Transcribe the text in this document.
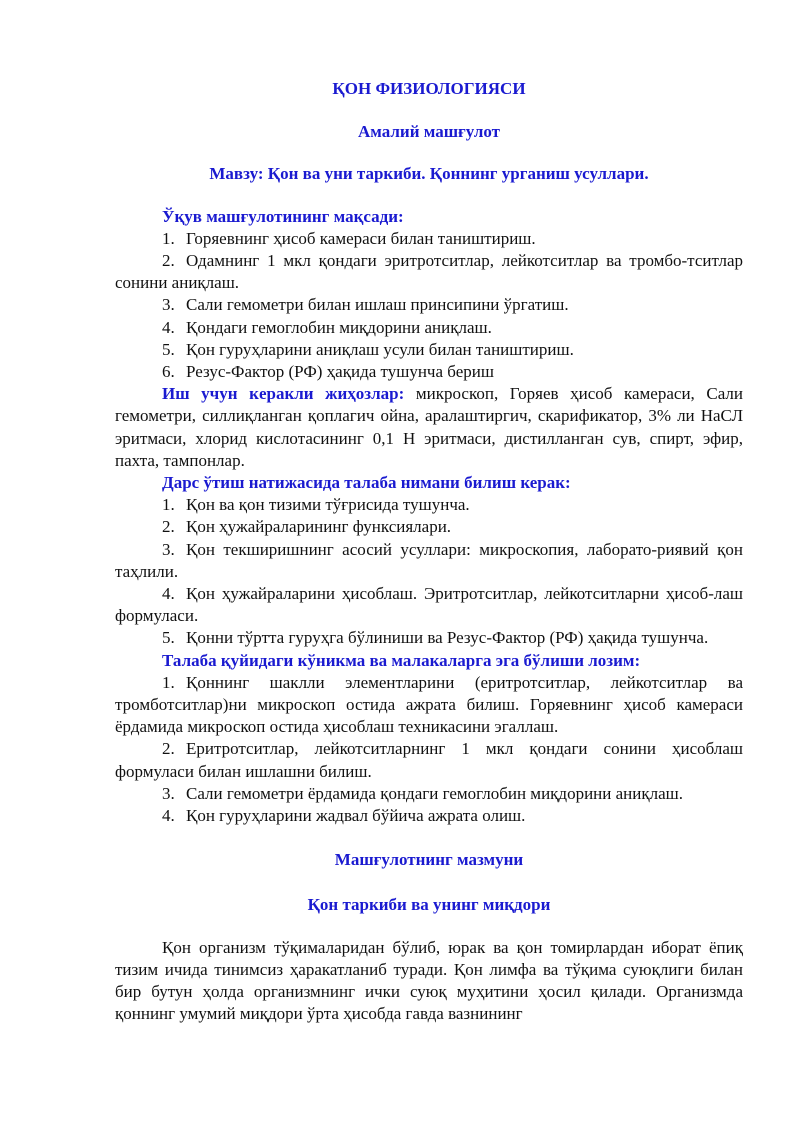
ҚОН ФИЗИОЛОГИЯСИ

Амалий машғулот

Мавзу: Қон ва уни таркиби. Қоннинг урганиш усуллари.

Ўқув машғулотининг мақсади:

1. Горяевнинг ҳисоб камераси билан таништириш.

2. Одамнинг 1 мкл қондаги эритротситлар, лейкотситлар ва тромбо-тситлар сонини аниқлаш.

3. Сали гемометри билан ишлаш принсипини ўргатиш.

4. Қондаги гемоглобин миқдорини аниқлаш.

5. Қон гуруҳларини аниқлаш усули билан таништириш.

6. Резус-Фактор (РФ) ҳақида тушунча бериш

Иш учун кeракли жиҳозлар: микроскоп, Горяев ҳисоб камераси, Сали гемометри, силлиқланган қоплагич ойна, аралаштиргич, скарификатор, 3% ли НаСЛ эритмаси, хлорид кислотасининг 0,1 Н эритмаси, дистилланган сув, спирт, эфир, пахта, тампонлар.

Дарс ўтиш натижасида талаба нимани билиш керак:

1. Қон ва қон тизими тўғрисида тушунча.

2. Қон ҳужайраларининг функсиялари.

3. Қон текширишнинг асосий усуллари: микроскопия, лаборато-риявий қон таҳлили.

4. Қон ҳужайраларини ҳисоблаш. Эритротситлар, лейкотситларни ҳисоб-лаш формуласи.

5. Қонни тўртта гуруҳга бўлиниши ва Резус-Фактор (РФ) ҳақида тушунча.

Талаба қуйидаги кўникма ва малакаларга эга бўлиши лозим:

1. Қоннинг шаклли элементларини (еритротситлар, лейкотситлар ва тромботситлар)ни микроскоп остида ажрата билиш. Горяевнинг ҳисоб камераси ёрдамида микроскоп остида ҳисоблаш техникасини эгаллаш.

2. Еритротситлар, лейкотситларнинг 1 мкл қондаги сонини ҳисоблаш формуласи билан ишлашни билиш.

3. Сали гемометри ёрдамида қондаги гемоглобин миқдорини аниқлаш.

4. Қон гуруҳларини жадвал бўйича ажрата олиш.

Машғулотнинг мазмуни

Қон таркиби ва унинг миқдори

Қон организм тўқималаридан бўлиб, юрак ва қон томирлардан иборат ёпиқ тизим ичида тинимсиз ҳаракатланиб туради. Қон лимфа ва тўқима суюқлиги билан бир бутун ҳолда организмнинг ички суюқ муҳитини ҳосил қилади. Организмда қоннинг умумий миқдори ўрта ҳисобда гавда вазнининг
